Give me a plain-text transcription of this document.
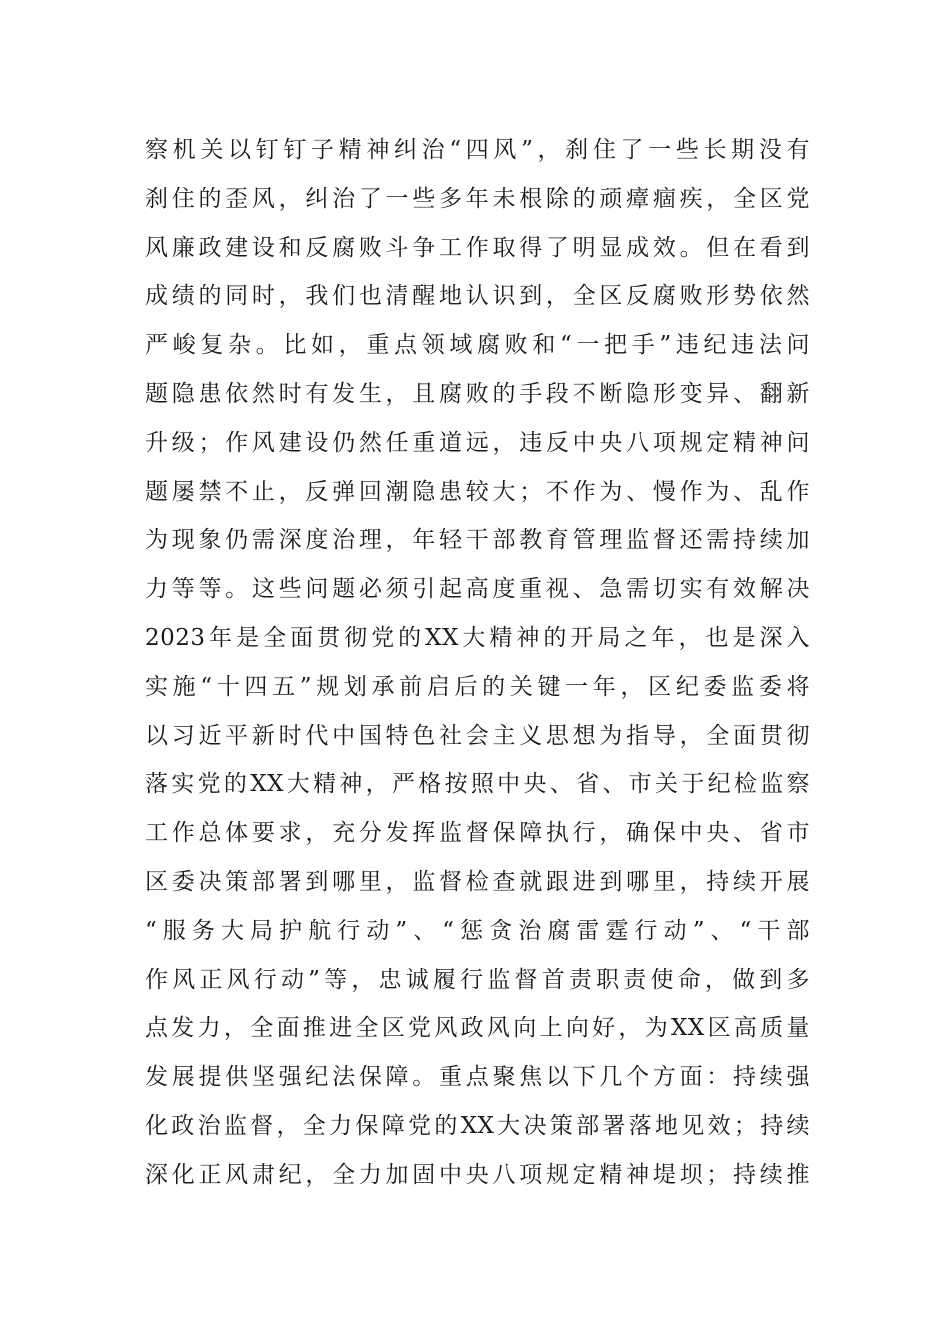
察机关以钉钉子精神纠治“四风”，刹住了一些长期没有
刹住的歪风，纠治了一些多年未根除的顽瘴痼疾，全区党
风廉政建设和反腐败斗争工作取得了明显成效。但在看到
成绩的同时，我们也清醒地认识到，全区反腐败形势依然
严峻复杂。比如，重点领域腐败和“一把手”违纪违法问
题隐患依然时有发生，且腐败的手段不断隐形变异、翻新
升级；作风建设仍然任重道远，违反中央八项规定精神问
题屡禁不止，反弹回潮隐患较大；不作为、慢作为、乱作
为现象仍需深度治理，年轻干部教育管理监督还需持续加
力等等。这些问题必须引起高度重视、急需切实有效解决
2023年是全面贯彻党的XX大精神的开局之年，也是深入
实施“十四五”规划承前启后的关键一年，区纪委监委将
以习近平新时代中国特色社会主义思想为指导，全面贯彻
落实党的XX大精神，严格按照中央、省、市关于纪检监察
工作总体要求，充分发挥监督保障执行，确保中央、省市
区委决策部署到哪里，监督检查就跟进到哪里，持续开展
“服务大局护航行动”、“惩贪治腐雷霆行动”、“干部
作风正风行动”等，忠诚履行监督首责职责使命，做到多
点发力，全面推进全区党风政风向上向好，为XX区高质量
发展提供坚强纪法保障。重点聚焦以下几个方面：持续强
化政治监督，全力保障党的XX大决策部署落地见效；持续
深化正风肃纪，全力加固中央八项规定精神堤坝；持续推
